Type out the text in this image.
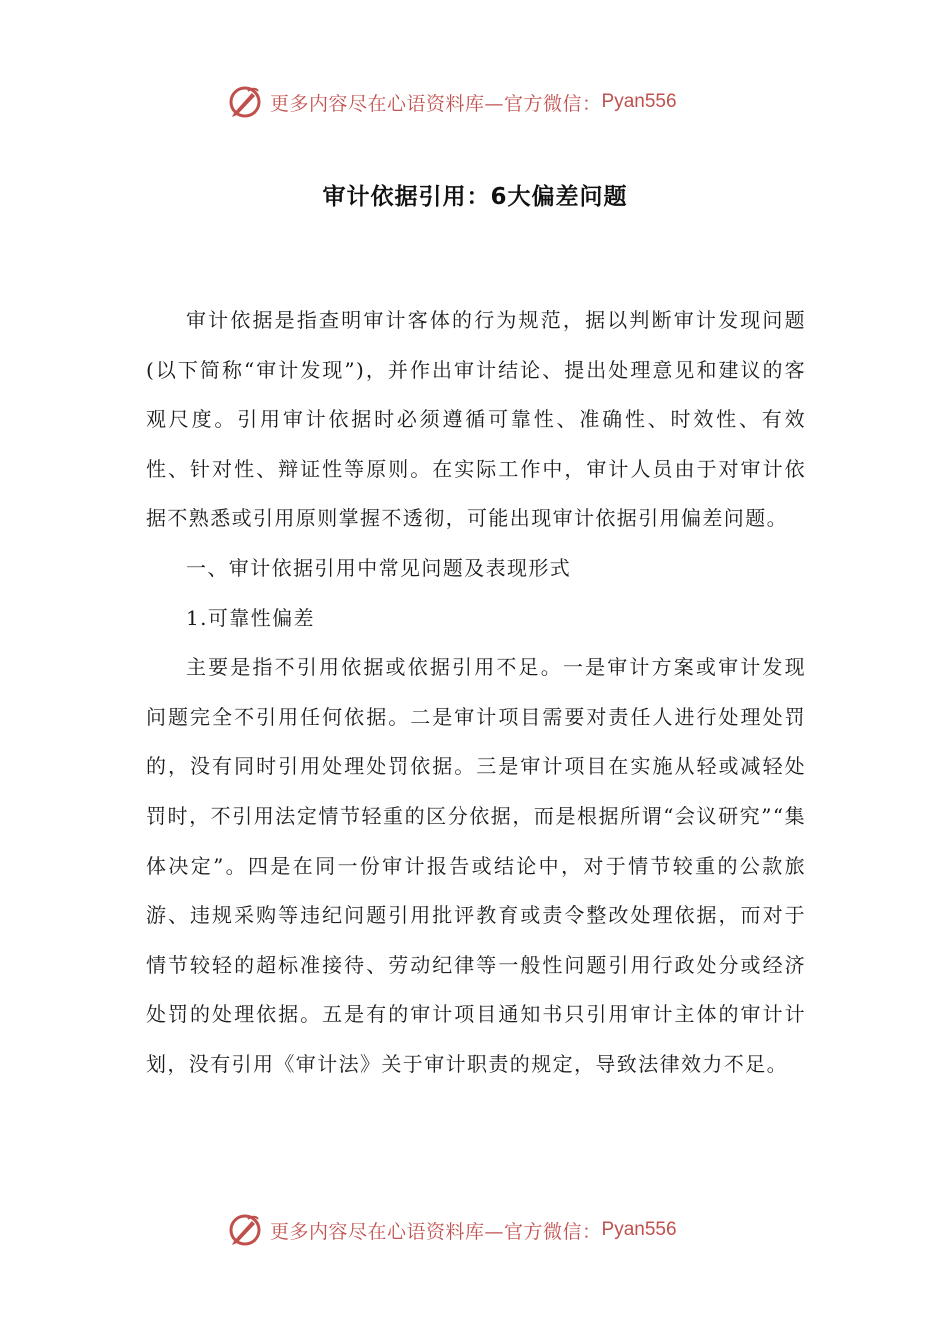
更多内容尽在心语资料库—官方微信： Pyan556
审计依据引用：6大偏差问题

审计依据是指查明审计客体的行为规范，据以判断审计发现问题(以下简称“审计发现”)，并作出审计结论、提出处理意见和建议的客观尺度。引用审计依据时必须遵循可靠性、准确性、时效性、有效性、针对性、辩证性等原则。在实际工作中，审计人员由于对审计依据不熟悉或引用原则掌握不透彻，可能出现审计依据引用偏差问题。

一、审计依据引用中常见问题及表现形式

1.可靠性偏差

主要是指不引用依据或依据引用不足。一是审计方案或审计发现问题完全不引用任何依据。二是审计项目需要对责任人进行处理处罚的，没有同时引用处理处罚依据。三是审计项目在实施从轻或减轻处罚时，不引用法定情节轻重的区分依据，而是根据所谓“会议研究”“集体决定”。四是在同一份审计报告或结论中，对于情节较重的公款旅游、违规采购等违纪问题引用批评教育或责令整改处理依据，而对于情节较轻的超标准接待、劳动纪律等一般性问题引用行政处分或经济处罚的处理依据。五是有的审计项目通知书只引用审计主体的审计计划，没有引用《审计法》关于审计职责的规定，导致法律效力不足。

更多内容尽在心语资料库—官方微信： Pyan556
